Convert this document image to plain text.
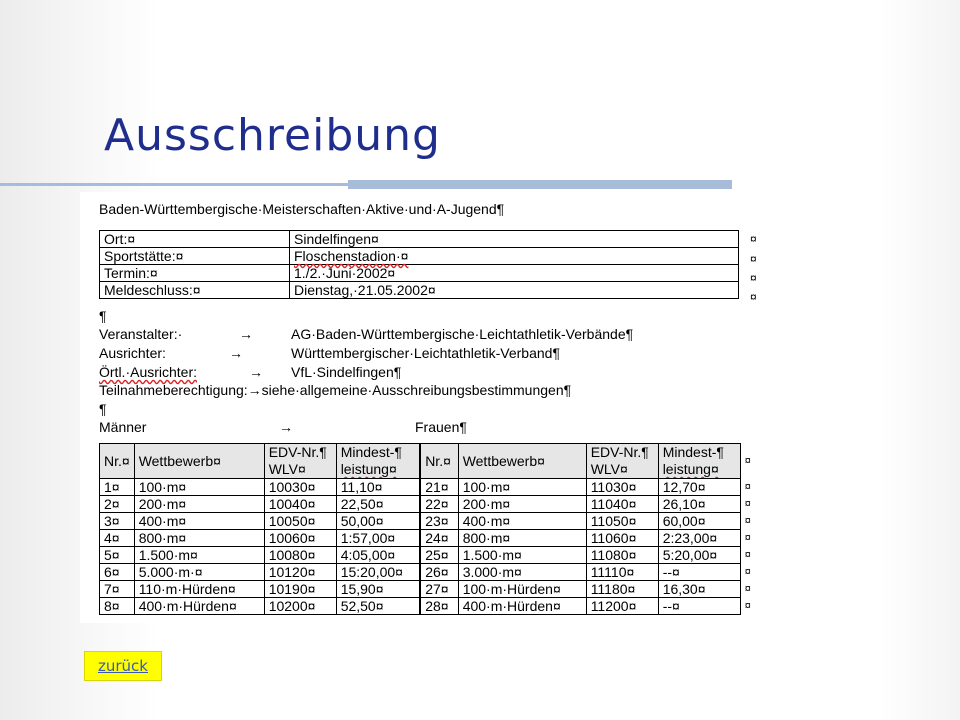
Ausschreibung
Baden-Württembergische·Meisterschaften·Aktive·und·A-Jugend¶
Ort:¤	Sindelfingen¤
Sportstätte:¤	Floschenstadion·¤
Termin:¤	1./2.·Juni·2002¤
Meldeschluss:¤	Dienstag,·21.05.2002¤
¤
¤
¤
¤
¶
Veranstalter:·	→	AG·Baden-Württembergische·Leichtathletik-Verbände¶
Ausrichter:	→	Württembergischer·Leichtathletik-Verband¶
Örtl.·Ausrichter:	→ VfL·Sindelfingen¶
Teilnahmeberechtigung:→siehe·allgemeine·Ausschreibungsbestimmungen¶
¶
Männer	→	Frauen¶
Nr.¤	Wettbewerb¤	EDV-Nr.¶
WLV¤	Mindest-¶
leistung¤	Nr.¤	Wettbewerb¤	EDV-Nr.¶
WLV¤	Mindest-¶
leistung¤	¤
1¤	100·m¤	10030¤	11,10¤	21¤	100·m¤	11030¤	12,70¤	¤
2¤	200·m¤	10040¤	22,50¤	22¤	200·m¤	11040¤	26,10¤	¤
3¤	400·m¤	10050¤	50,00¤	23¤	400·m¤	11050¤	60,00¤	¤
4¤	800·m¤	10060¤	1:57,00¤	24¤	800·m¤	11060¤	2:23,00¤	¤
5¤	1.500·m¤	10080¤	4:05,00¤	25¤	1.500·m¤	11080¤	5:20,00¤	¤
6¤	5.000·m·¤	10120¤	15:20,00¤	26¤	3.000·m¤	11110¤	--¤	¤
7¤	110·m·Hürden¤	10190¤	15,90¤	27¤	100·m·Hürden¤	11180¤	16,30¤	¤
8¤	400·m·Hürden¤	10200¤	52,50¤	28¤	400·m·Hürden¤	11200¤	--¤	¤
zurück
